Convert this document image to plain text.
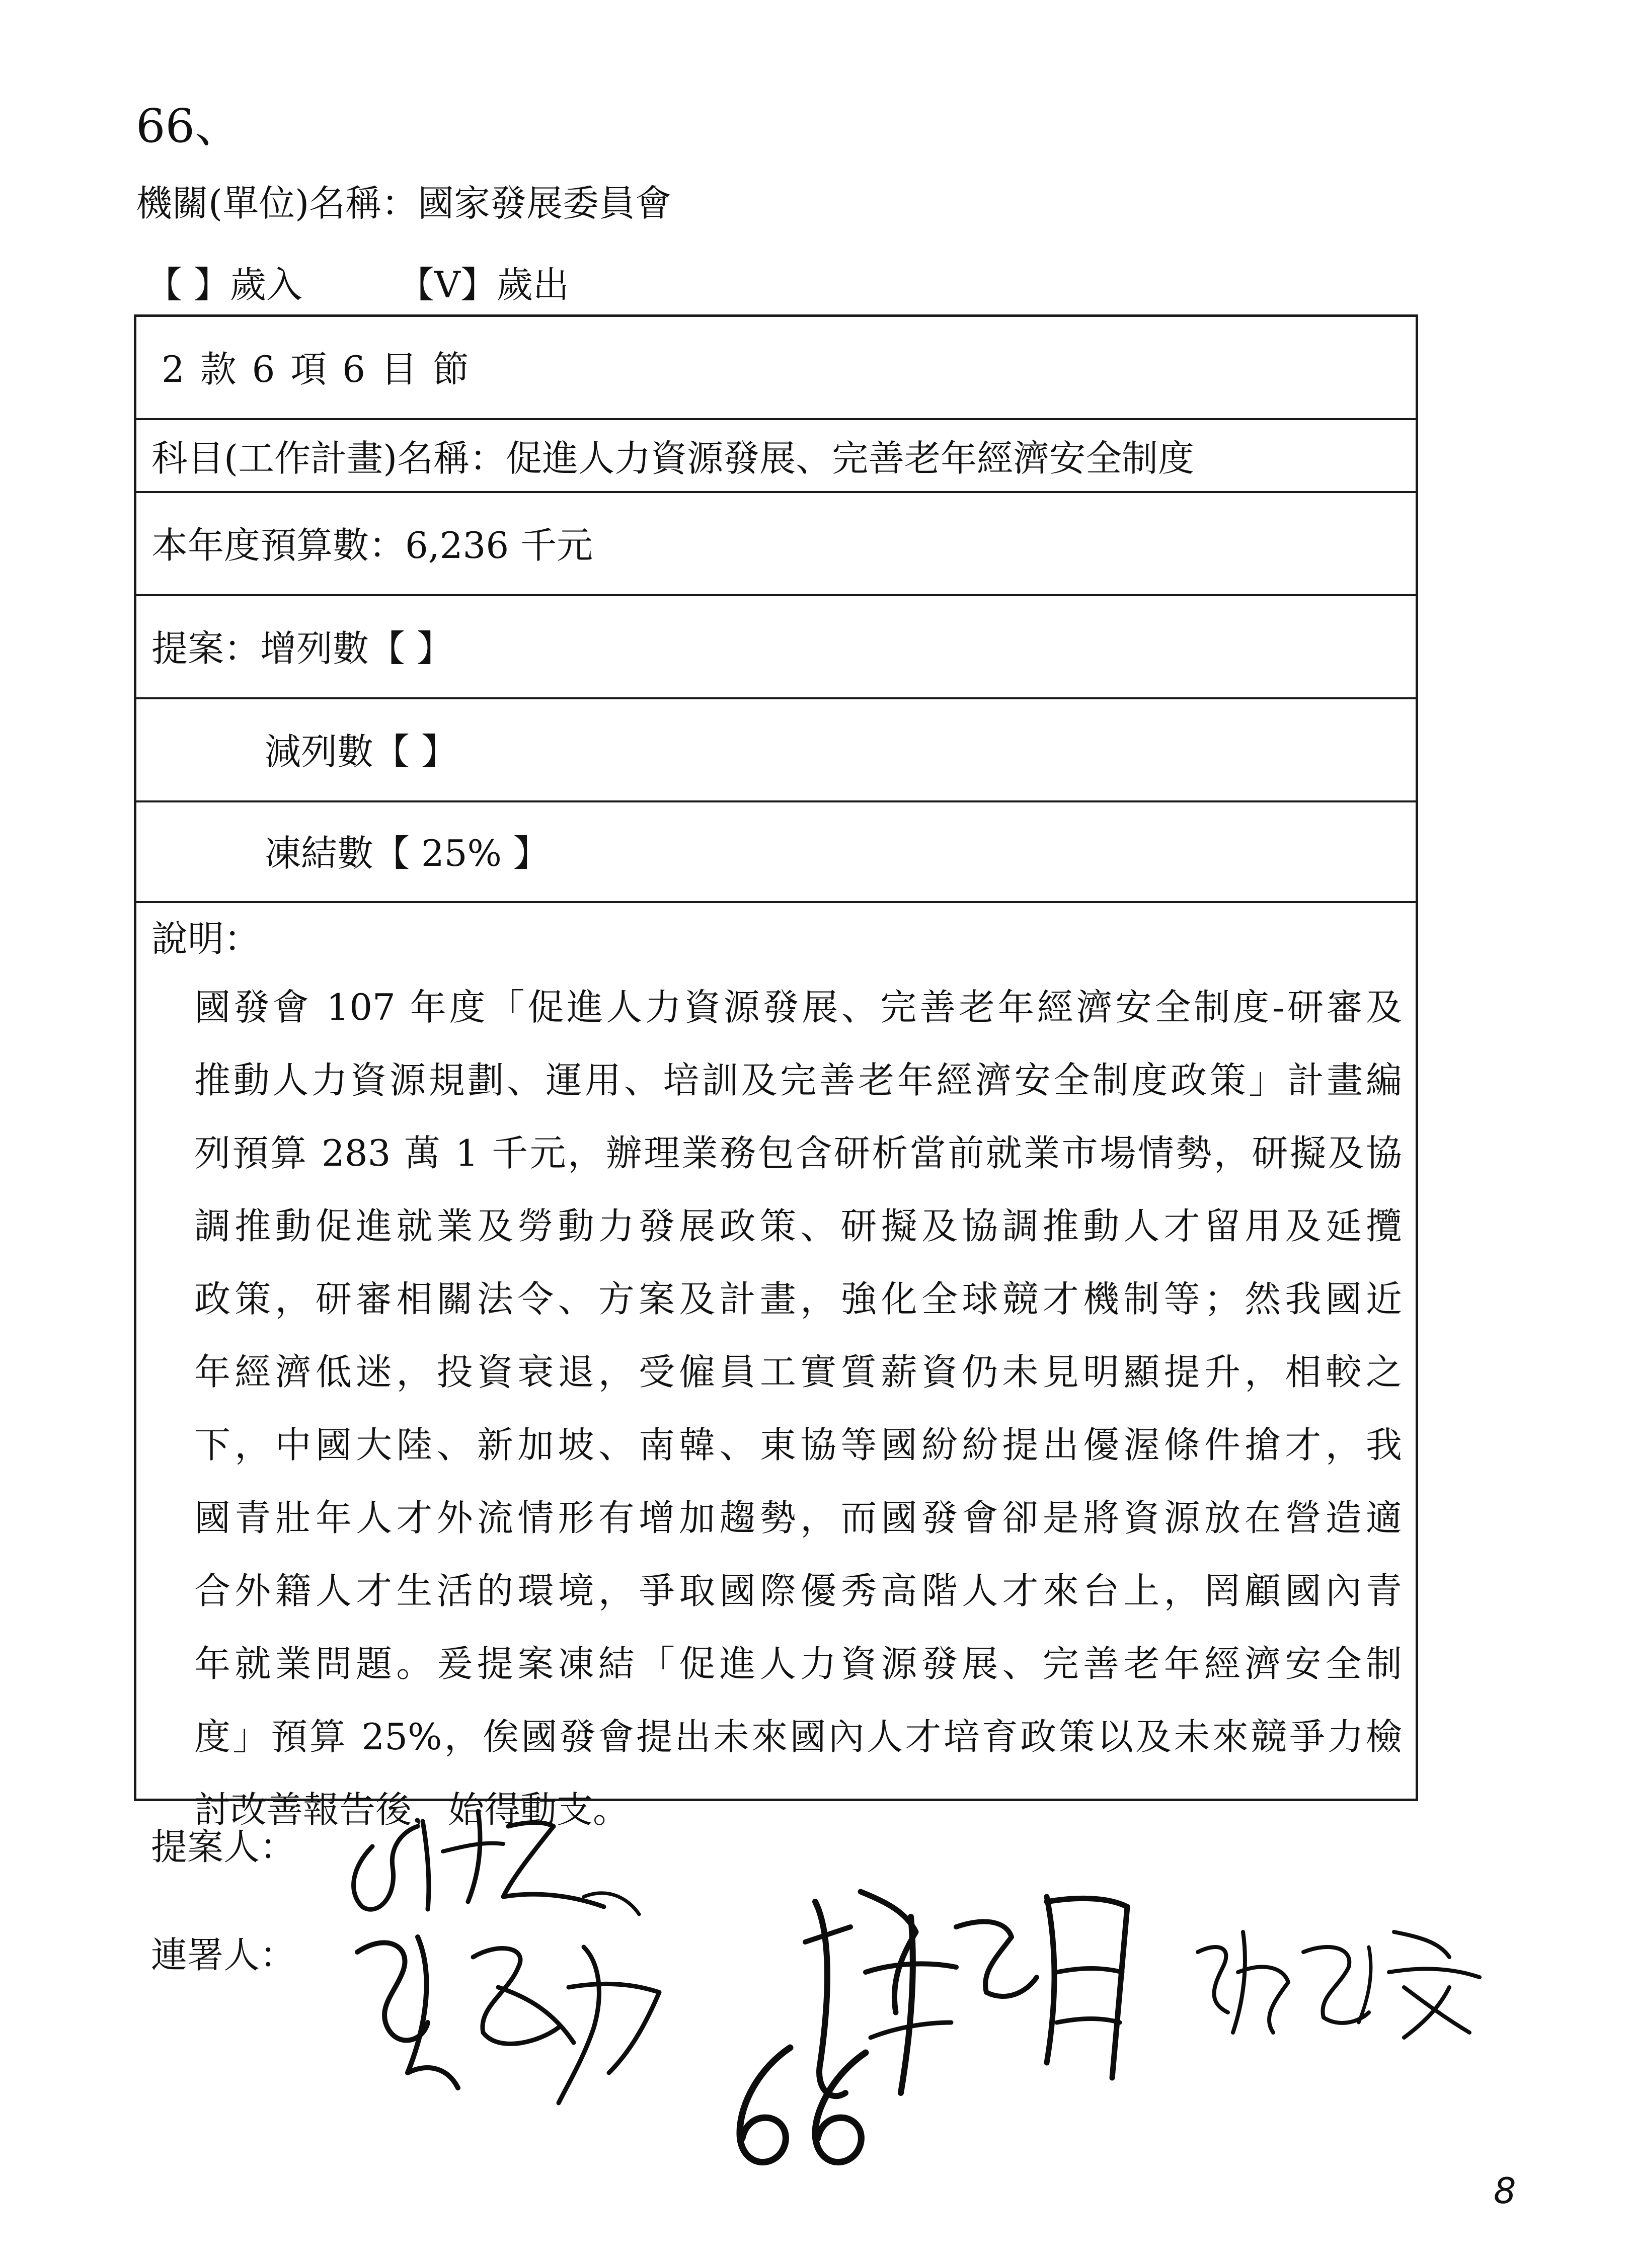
66、
機關(單位)名稱：國家發展委員會
【 】歲入	【V】歲出
2 款 6 項 6 目 節
科目(工作計畫)名稱：促進人力資源發展、完善老年經濟安全制度
本年度預算數：6,236 千元
提案：增列數【 】
減列數【 】
凍結數【 25% 】
說明：
國發會 107 年度「促進人力資源發展、完善老年經濟安全制度-研審及
推動人力資源規劃、運用、培訓及完善老年經濟安全制度政策」計畫編
列預算 283 萬 1 千元，辦理業務包含研析當前就業市場情勢，研擬及協
調推動促進就業及勞動力發展政策、研擬及協調推動人才留用及延攬
政策，研審相關法令、方案及計畫，強化全球競才機制等；然我國近
年經濟低迷，投資衰退，受僱員工實質薪資仍未見明顯提升，相較之
下，中國大陸、新加坡、南韓、東協等國紛紛提出優渥條件搶才，我
國青壯年人才外流情形有增加趨勢，而國發會卻是將資源放在營造適
合外籍人才生活的環境，爭取國際優秀高階人才來台上，罔顧國內青
年就業問題。爰提案凍結「促進人力資源發展、完善老年經濟安全制
度」預算 25%，俟國發會提出未來國內人才培育政策以及未來競爭力檢
討改善報告後，始得動支。
提案人：
連署人：
8
